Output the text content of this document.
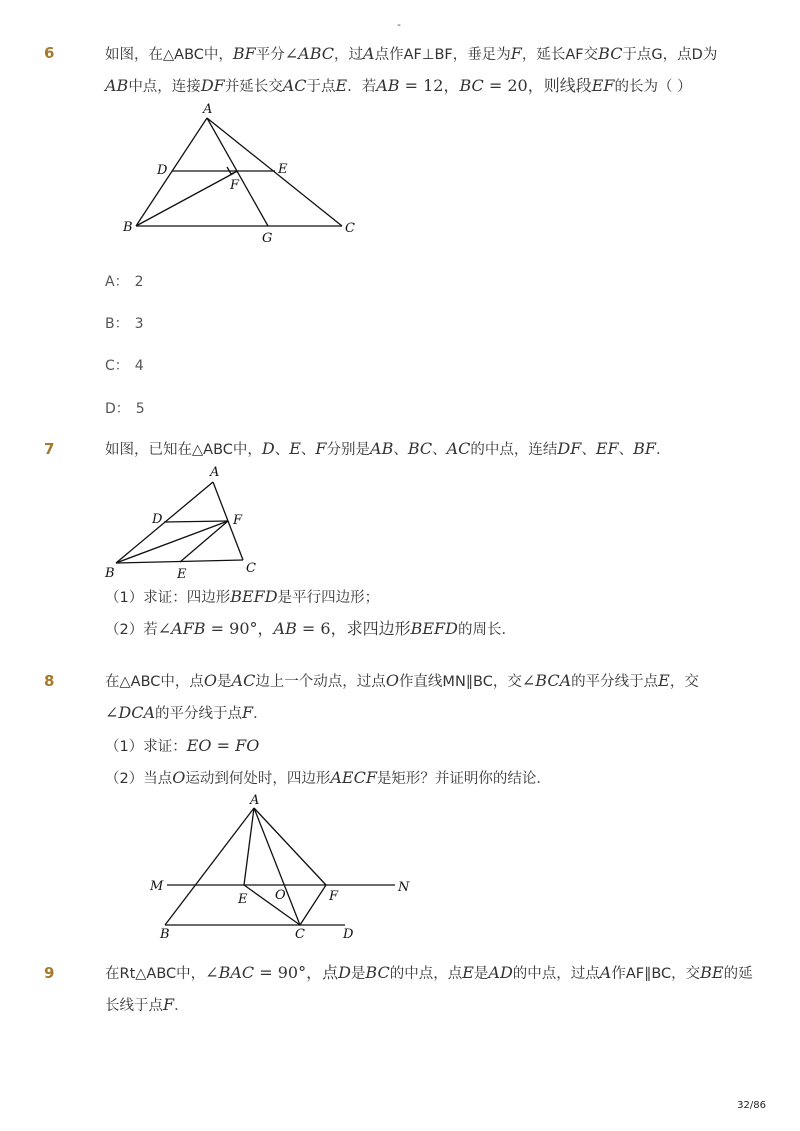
-
6	如图，在△ABC中，BF平分∠ABC，过A点作AF⊥BF，垂足为F，延长AF交BC于点G，点D为
AB中点，连接DF并延长交AC于点E．若AB = 12，BC = 20，则线段EF的长为（ ）
A
D	E
F
B
G
C
A： 2
B： 3
C： 4
D： 5
7	如图，已知在△ABC中，D、E、F分别是AB、BC、AC的中点，连结DF、EF、BF．
A
D	F
B	E	C
（1）求证：四边形BEFD是平行四边形；
（2）若∠AFB = 90°，AB = 6，求四边形BEFD的周长．
8	在△ABC中，点O是AC边上一个动点，过点O作直线MN∥BC，交∠BCA的平分线于点E，交
∠DCA的平分线于点F．
（1）求证：EO = FO
（2）当点O运动到何处时，四边形AECF是矩形？并证明你的结论．
A
M	N
E O	F
B	C	D
9	在Rt△ABC中，∠BAC = 90°，点D是BC的中点，点E是AD的中点，过点A作AF∥BC，交BE的延
长线于点F．
32/86
